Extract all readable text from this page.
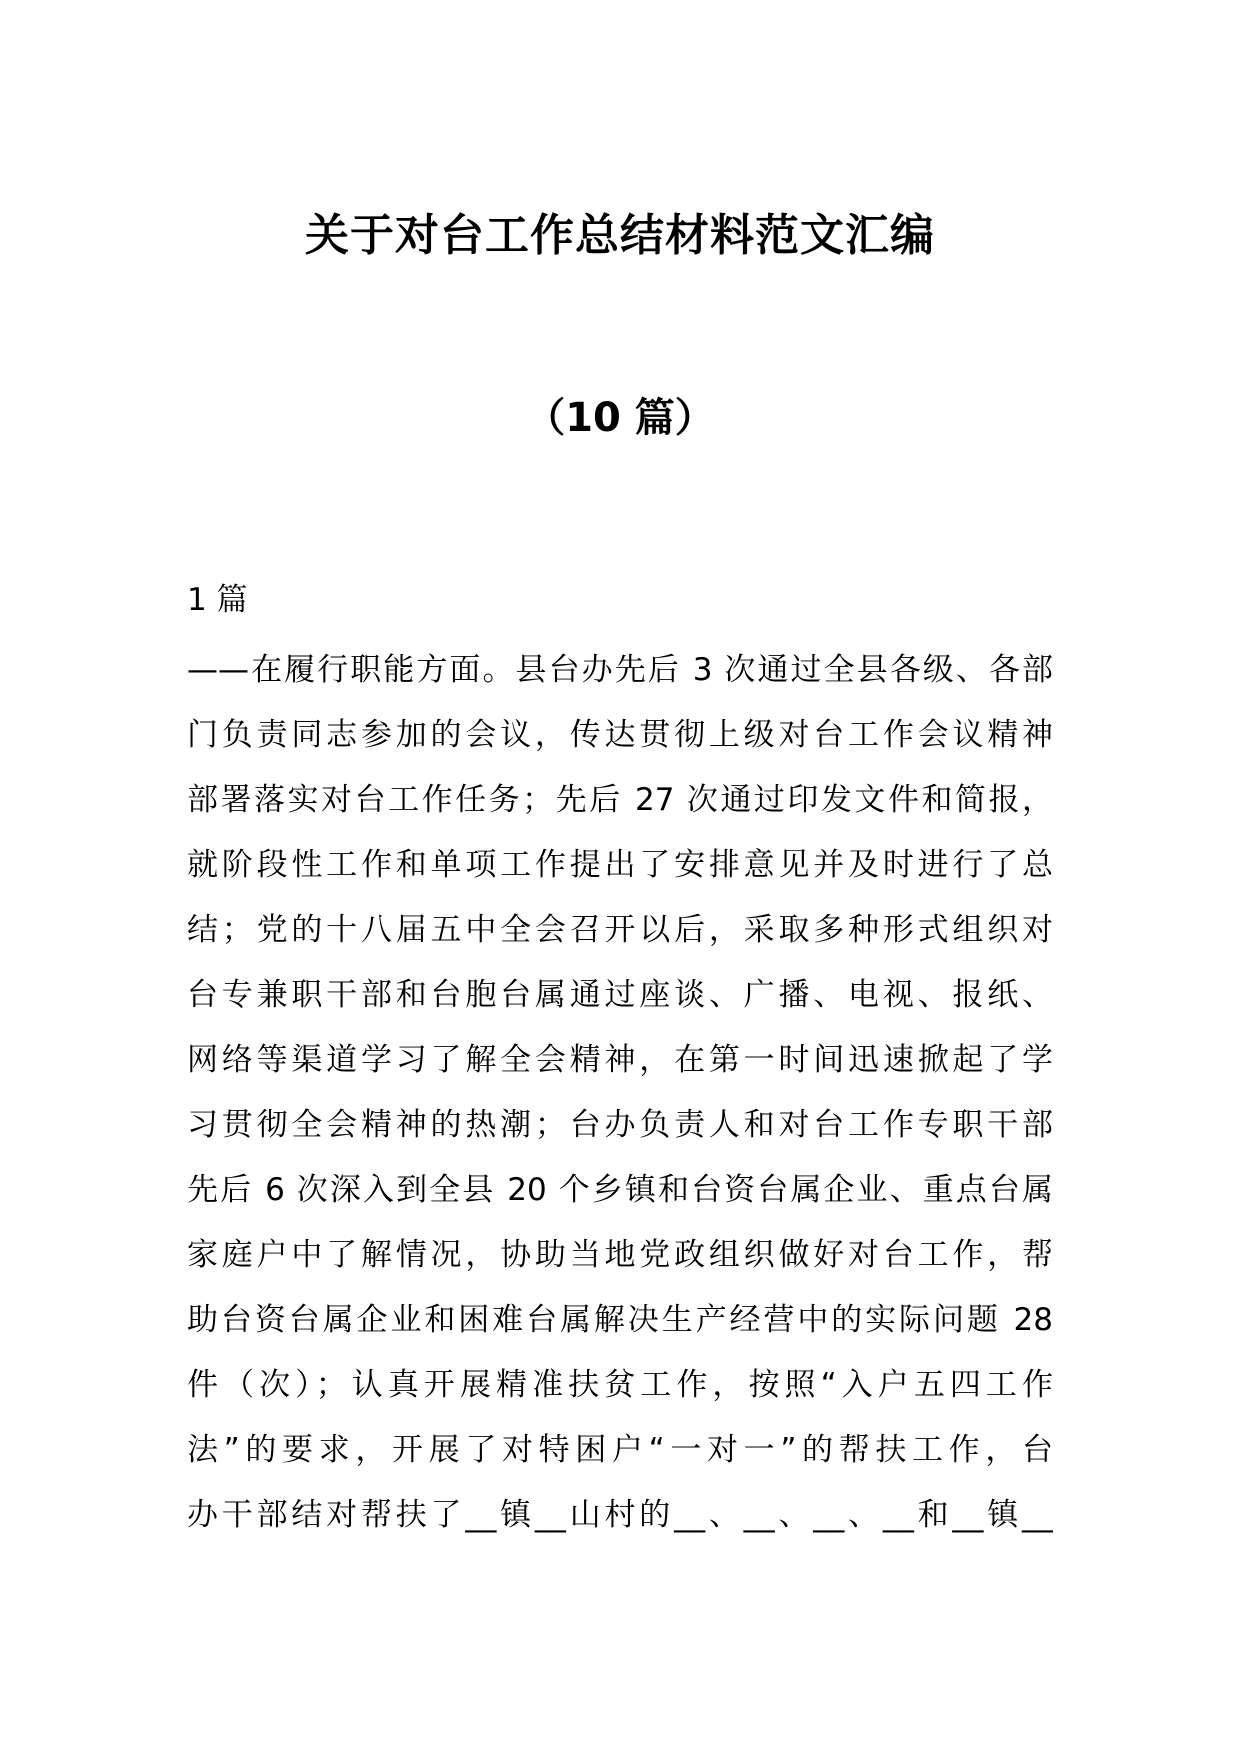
关于对台工作总结材料范文汇编
（10 篇）
1 篇
——在履行职能方面。县台办先后 3 次通过全县各级、各部
门负责同志参加的会议，传达贯彻上级对台工作会议精神
部署落实对台工作任务；先后 27 次通过印发文件和简报，
就阶段性工作和单项工作提出了安排意见并及时进行了总
结；党的十八届五中全会召开以后，采取多种形式组织对
台专兼职干部和台胞台属通过座谈、广播、电视、报纸、
网络等渠道学习了解全会精神，在第一时间迅速掀起了学
习贯彻全会精神的热潮；台办负责人和对台工作专职干部
先后 6 次深入到全县 20 个乡镇和台资台属企业、重点台属
家庭户中了解情况，协助当地党政组织做好对台工作，帮
助台资台属企业和困难台属解决生产经营中的实际问题 28
件（次）；认真开展精准扶贫工作，按照“入户五四工作
法”的要求，开展了对特困户“一对一”的帮扶工作，台
办干部结对帮扶了__镇__山村的__、__、__、__和__镇__
